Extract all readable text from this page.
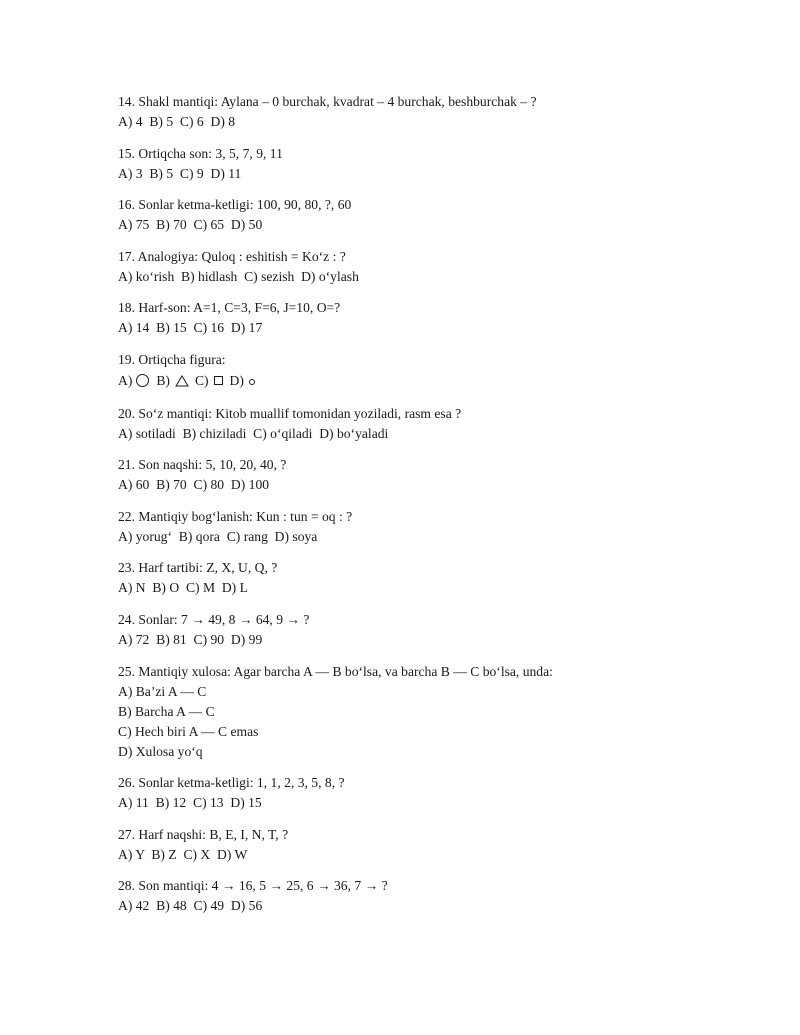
14. Shakl mantiqi: Aylana – 0 burchak, kvadrat – 4 burchak, beshburchak – ?
A) 4  B) 5  C) 6  D) 8
15. Ortiqcha son: 3, 5, 7, 9, 11
A) 3  B) 5  C) 9  D) 11
16. Sonlar ketma-ketligi: 100, 90, 80, ?, 60
A) 75  B) 70  C) 65  D) 50
17. Analogiya: Quloq : eshitish = Ko‘z : ?
A) ko‘rish  B) hidlash  C) sezish  D) o‘ylash
18. Harf-son: A=1, C=3, F=6, J=10, O=?
A) 14  B) 15  C) 16  D) 17
19. Ortiqcha figura:
A) B) C) D)
20. So‘z mantiqi: Kitob muallif tomonidan yoziladi, rasm esa ?
A) sotiladi  B) chiziladi  C) o‘qiladi  D) bo‘yaladi
21. Son naqshi: 5, 10, 20, 40, ?
A) 60  B) 70  C) 80  D) 100
22. Mantiqiy bog‘lanish: Kun : tun = oq : ?
A) yorug‘  B) qora  C) rang  D) soya
23. Harf tartibi: Z, X, U, Q, ?
A) N  B) O  C) M  D) L
24. Sonlar: 7 → 49, 8 → 64, 9 → ?
A) 72  B) 81  C) 90  D) 99
25. Mantiqiy xulosa: Agar barcha A — B bo‘lsa, va barcha B — C bo‘lsa, unda:
A) Ba’zi A — C
B) Barcha A — C
C) Hech biri A — C emas
D) Xulosa yo‘q
26. Sonlar ketma-ketligi: 1, 1, 2, 3, 5, 8, ?
A) 11  B) 12  C) 13  D) 15
27. Harf naqshi: B, E, I, N, T, ?
A) Y  B) Z  C) X  D) W
28. Son mantiqi: 4 → 16, 5 → 25, 6 → 36, 7 → ?
A) 42  B) 48  C) 49  D) 56
